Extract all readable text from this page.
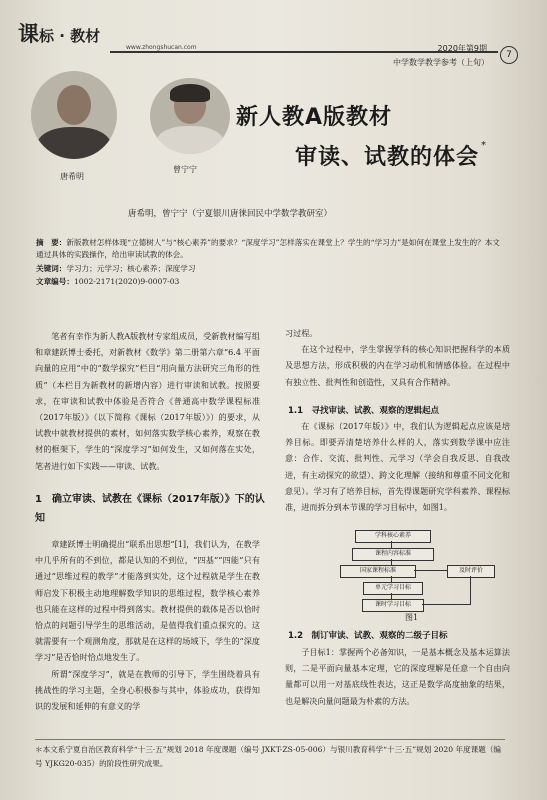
课标 · 教材
www.zhongshucan.com	2020年第9期
中学数学教学参考（上旬）
7
唐希明
曾宁宁
新人教A版教材
审读、试教的体会 *
唐希明，曾宁宁（宁夏银川唐徕回民中学数学教研室）
摘　要：新版教材怎样体现“立德树人”与“核心素养”的要求？“深度学习”怎样落实在课堂上？学生的“学习力”是如何在课堂上发生的？本文通过具体的实践操作，给出审读试教的体会。
关键词：学习力；元学习；核心素养；深度学习
文章编号：1002-2171(2020)9-0007-03

笔者有幸作为新人教A版教材专家组成员，受新教材编写组和章建跃博士委托，对新教材《数学》第二册第六章“6.4 平面向量的应用”中的“数学探究”栏目“用向量方法研究三角形的性质”（本栏目为新教材的新增内容）进行审读和试教。按照要求，在审读和试教中体验是否符合《普通高中数学课程标准（2017年版）》（以下简称《课标（2017年版）》）的要求，从试教中就教材提供的素材，如何落实数学核心素养，观察在教材的框架下，学生的“深度学习”如何发生，又如何落在实处，笔者进行如下实践——审读、试教。

1　确立审读、试教在《课标（2017年版）》下的认知

章建跃博士明确提出“联系出思想”[1]，我们认为，在教学中几乎所有的不到位，都是认知的不到位，“四基”“四能”只有通过“思维过程的教学”才能落到实处，这个过程就是学生在教师启发下积极主动地理解数学知识的思维过程，数学核心素养也只能在这样的过程中得到落实。教材提供的载体是否以恰时恰点的问题引导学生的思维活动，是值得我们重点探究的。这就需要有一个观测角度，那就是在这样的场域下，学生的“深度学习”是否恰时恰点地发生了。

所谓“深度学习”，就是在教师的引导下，学生围绕着具有挑战性的学习主题，全身心积极参与其中，体验成功，获得知识的发展和延伸的有意义的学

习过程。

在这个过程中，学生掌握学科的核心知识把握科学的本质及思想方法，形成积极的内在学习动机和情感体验。在过程中有独立性、批判性和创造性，又具有合作精神。

1.1　寻找审读、试教、观察的逻辑起点

在《课标（2017年版）》中，我们认为逻辑起点应该是培养目标。即要弄清楚培养什么样的人，落实到数学课中应注意：合作、交流、批判性、元学习（学会自我反思、自我改进，有主动探究的欲望）、跨文化理解（接纳和尊重不同文化和意见）。学习有了培养目标，首先得课题研究学科素养、课程标准，进而拆分到本节课的学习目标中，如图1。

学科核心素养
课程内容标准
国家课程标准	及时评价
单元学习目标
课时学习目标
图1
1.2　制订审读、试教、观察的二级子目标

子目标1：掌握两个必备知识，一是基本概念及基本运算法则，二是平面向量基本定理，它的深度理解是任意一个自由向量都可以用一对基底线性表达，这正是数学高度抽象的结果，也是解决向量问题最为朴素的方法。

＊本文系宁夏自治区教育科学“十三·五”规划 2018 年度课题（编号 JXKT-ZS-05-006）与银川教育科学“十三·五”规划 2020 年度课题（编号 YJKG20-035）的阶段性研究成果。
